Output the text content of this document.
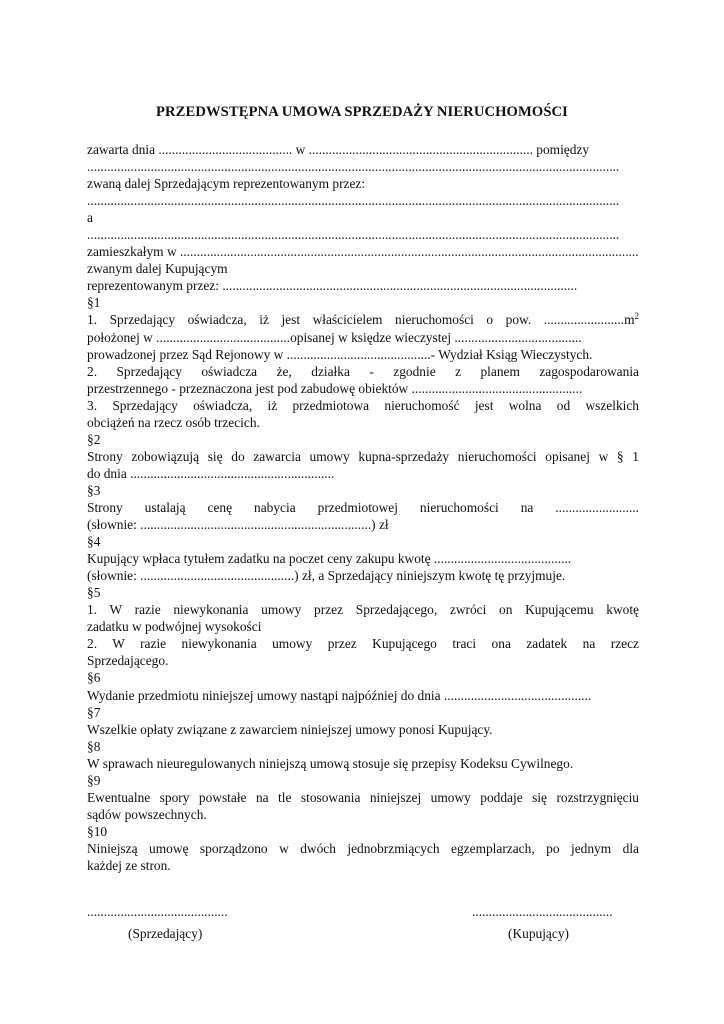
PRZEDWSTĘPNA UMOWA SPRZEDAŻY NIERUCHOMOŚCI
zawarta dnia ........................................ w ................................................................... pomiędzy
...............................................................................................................................................................
zwaną dalej Sprzedającym reprezentowanym przez:
...............................................................................................................................................................
a
...............................................................................................................................................................
zamieszkałym w .........................................................................................................................................
zwanym dalej Kupującym
reprezentowanym przez: ..........................................................................................................
§1
1. Sprzedający oświadcza, iż jest właścicielem nieruchomości o pow. $........................m^2$
położonej w ........................................opisanej w księdze wieczystej ......................................
prowadzonej przez Sąd Rejonowy w ...........................................- Wydział Ksiąg Wieczystych.
2. Sprzedający oświadcza że, działka - zgodnie z planem zagospodarowania
przestrzennego - przeznaczona jest pod zabudowę obiektów ...................................................
3. Sprzedający oświadcza, iż przedmiotowa nieruchomość jest wolna od wszelkich
obciążeń na rzecz osób trzecich.
§2
Strony zobowiązują się do zawarcia umowy kupna-sprzedaży nieruchomości opisanej w § 1
do dnia .............................................................
§3
Strony ustalają cenę nabycia przedmiotowej nieruchomości na .........................
(słownie: .....................................................................) zł
§4
Kupujący wpłaca tytułem zadatku na poczet ceny zakupu kwotę .........................................
(słownie: ..............................................) zł, a Sprzedający niniejszym kwotę tę przyjmuje.
§5
1. W razie niewykonania umowy przez Sprzedającego, zwróci on Kupującemu kwotę
zadatku w podwójnej wysokości
2. W razie niewykonania umowy przez Kupującego traci ona zadatek na rzecz
Sprzedającego.
§6
Wydanie przedmiotu niniejszej umowy nastąpi najpóźniej do dnia ............................................
§7
Wszelkie opłaty związane z zawarciem niniejszej umowy ponosi Kupujący.
§8
W sprawach nieuregulowanych niniejszą umową stosuje się przepisy Kodeksu Cywilnego.
§9
Ewentualne spory powstałe na tle stosowania niniejszej umowy poddaje się rozstrzygnięciu
sądów powszechnych.
§10
Niniejszą umowę sporządzono w dwóch jednobrzmiących egzemplarzach, po jednym dla
każdej ze stron.
..........................................
(Sprzedający)
..........................................
(Kupujący)
